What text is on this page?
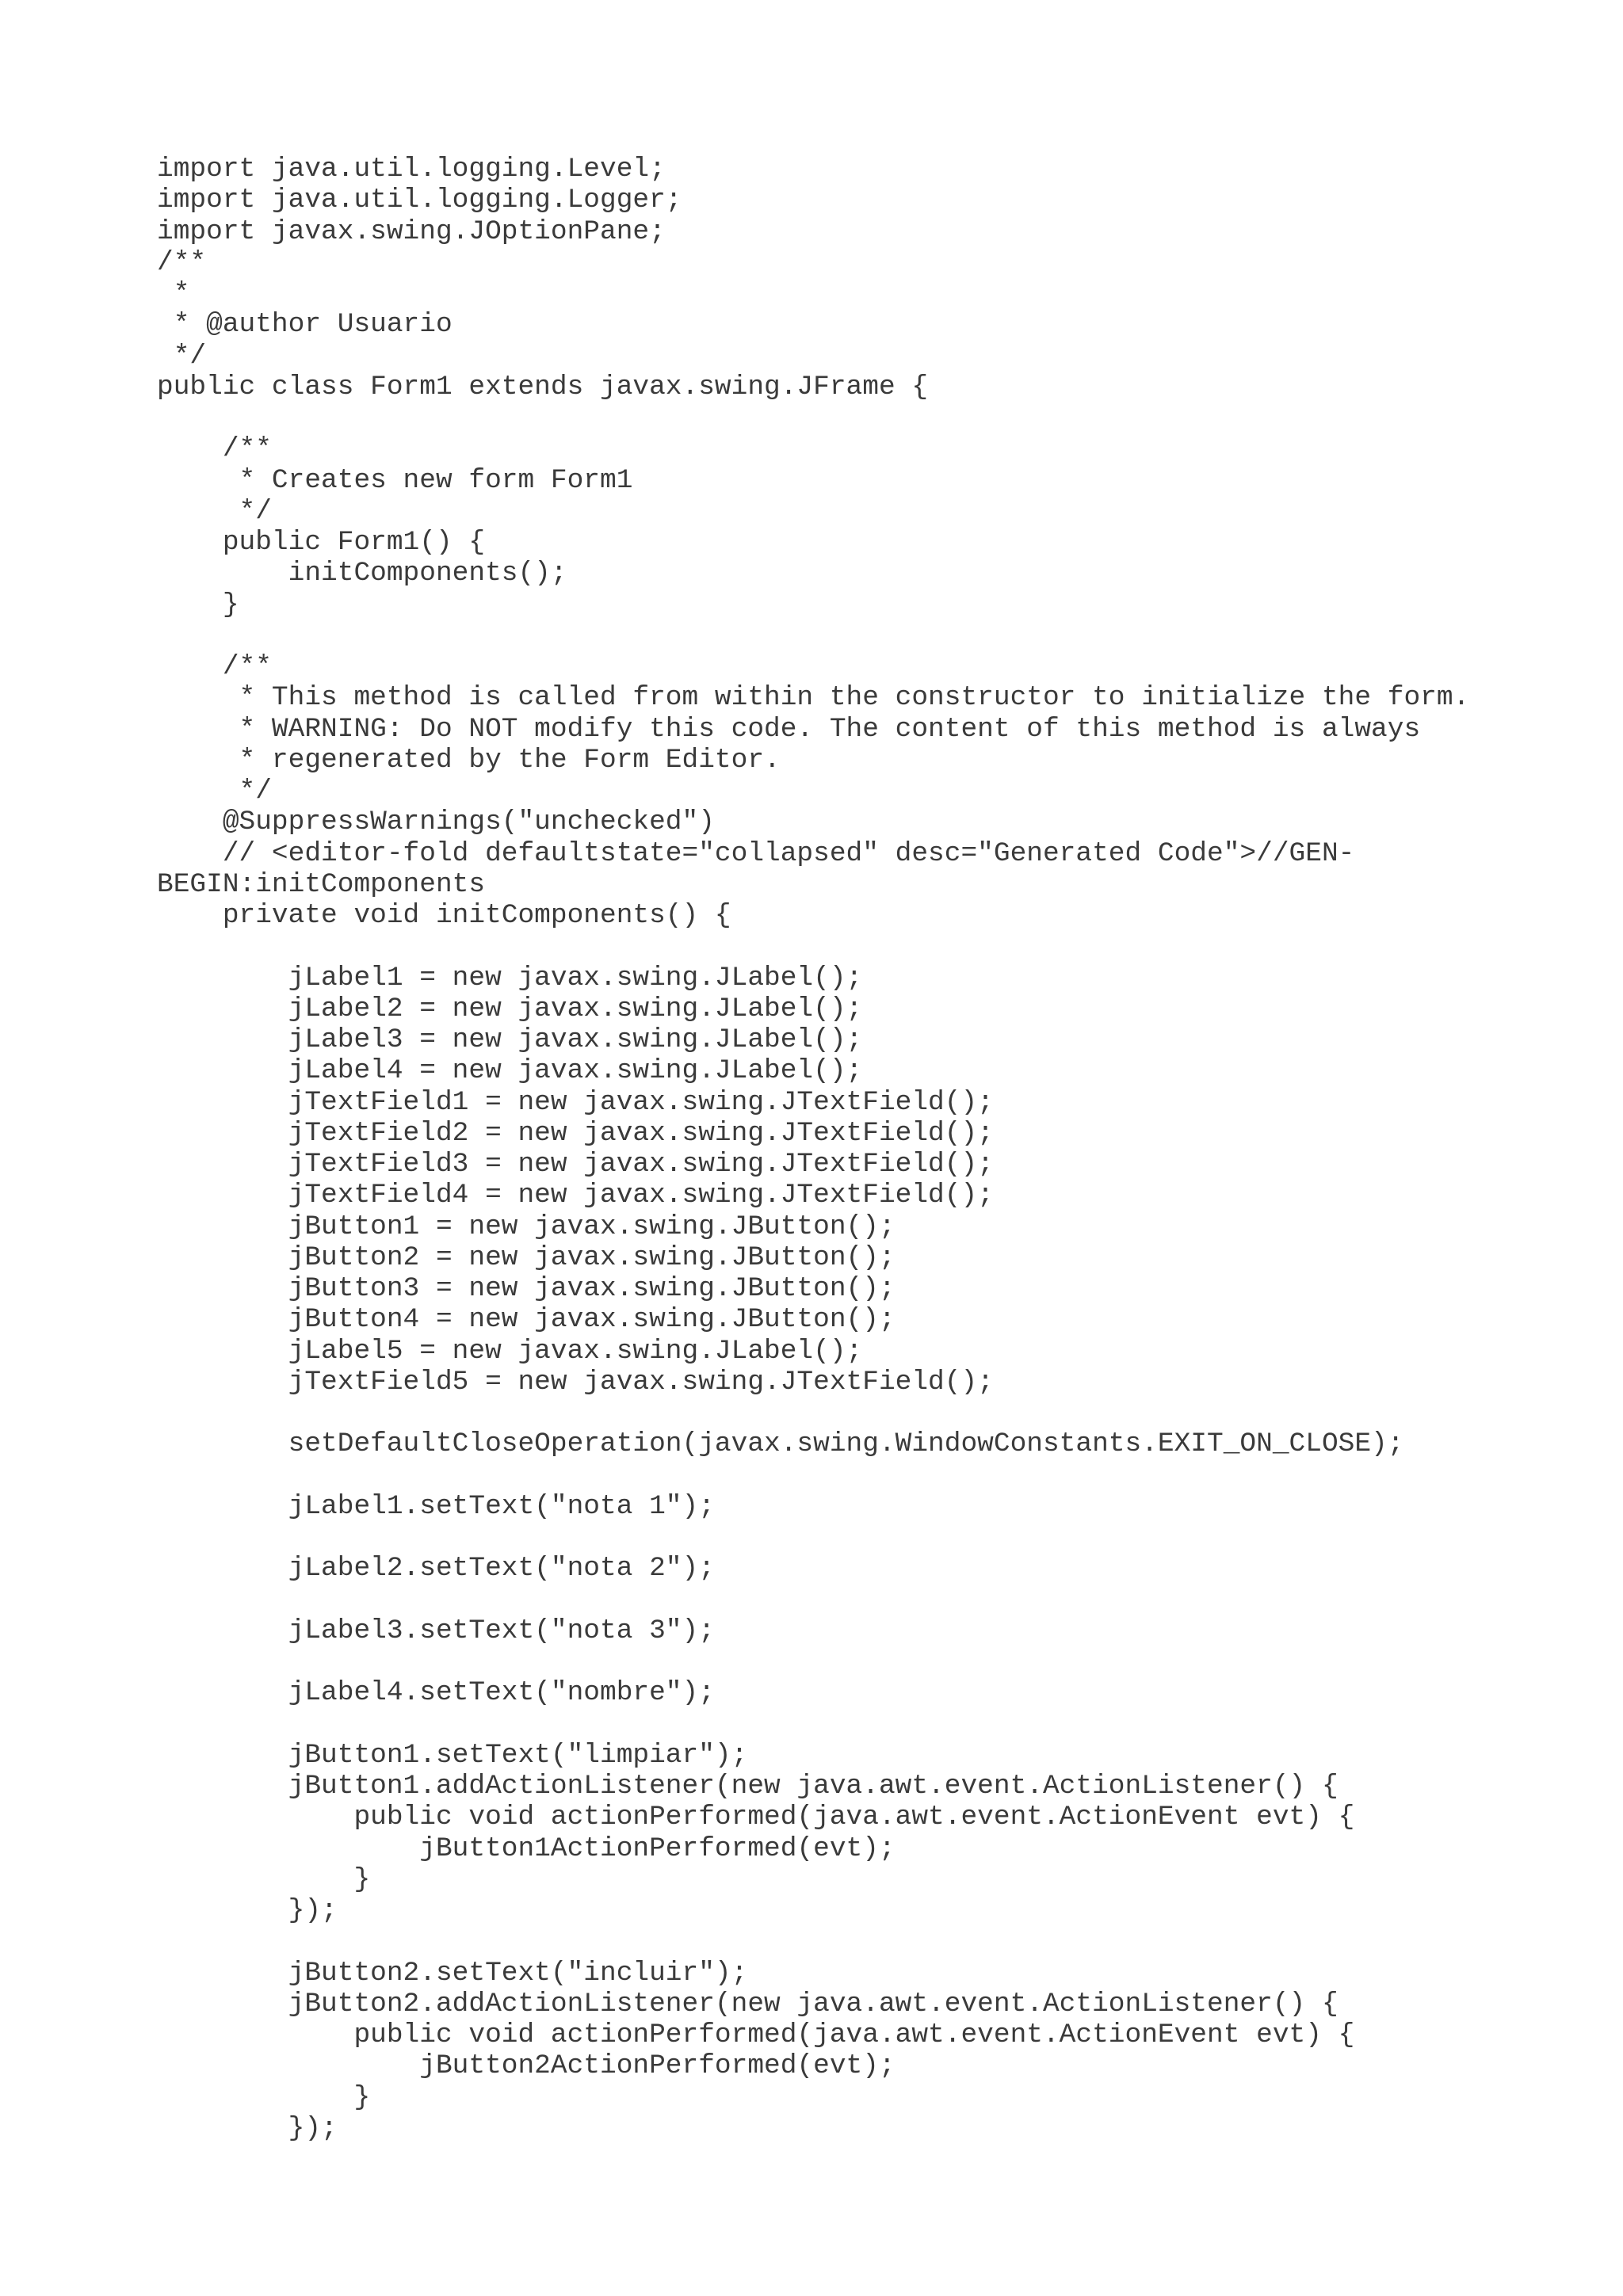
import java.util.logging.Level;
import java.util.logging.Logger;
import javax.swing.JOptionPane;
/**
*
* @author Usuario
*/
public class Form1 extends javax.swing.JFrame {
/**
* Creates new form Form1
*/
public Form1() {
initComponents();
}
/**
* This method is called from within the constructor to initialize the form.
* WARNING: Do NOT modify this code. The content of this method is always
* regenerated by the Form Editor.
*/
@SuppressWarnings("unchecked")
// <editor-fold defaultstate="collapsed" desc="Generated Code">//GEN-
BEGIN:initComponents
private void initComponents() {
jLabel1 = new javax.swing.JLabel();
jLabel2 = new javax.swing.JLabel();
jLabel3 = new javax.swing.JLabel();
jLabel4 = new javax.swing.JLabel();
jTextField1 = new javax.swing.JTextField();
jTextField2 = new javax.swing.JTextField();
jTextField3 = new javax.swing.JTextField();
jTextField4 = new javax.swing.JTextField();
jButton1 = new javax.swing.JButton();
jButton2 = new javax.swing.JButton();
jButton3 = new javax.swing.JButton();
jButton4 = new javax.swing.JButton();
jLabel5 = new javax.swing.JLabel();
jTextField5 = new javax.swing.JTextField();
setDefaultCloseOperation(javax.swing.WindowConstants.EXIT_ON_CLOSE);
jLabel1.setText("nota 1");
jLabel2.setText("nota 2");
jLabel3.setText("nota 3");
jLabel4.setText("nombre");
jButton1.setText("limpiar");
jButton1.addActionListener(new java.awt.event.ActionListener() {
public void actionPerformed(java.awt.event.ActionEvent evt) {
jButton1ActionPerformed(evt);
}
});
jButton2.setText("incluir");
jButton2.addActionListener(new java.awt.event.ActionListener() {
public void actionPerformed(java.awt.event.ActionEvent evt) {
jButton2ActionPerformed(evt);
}
});
